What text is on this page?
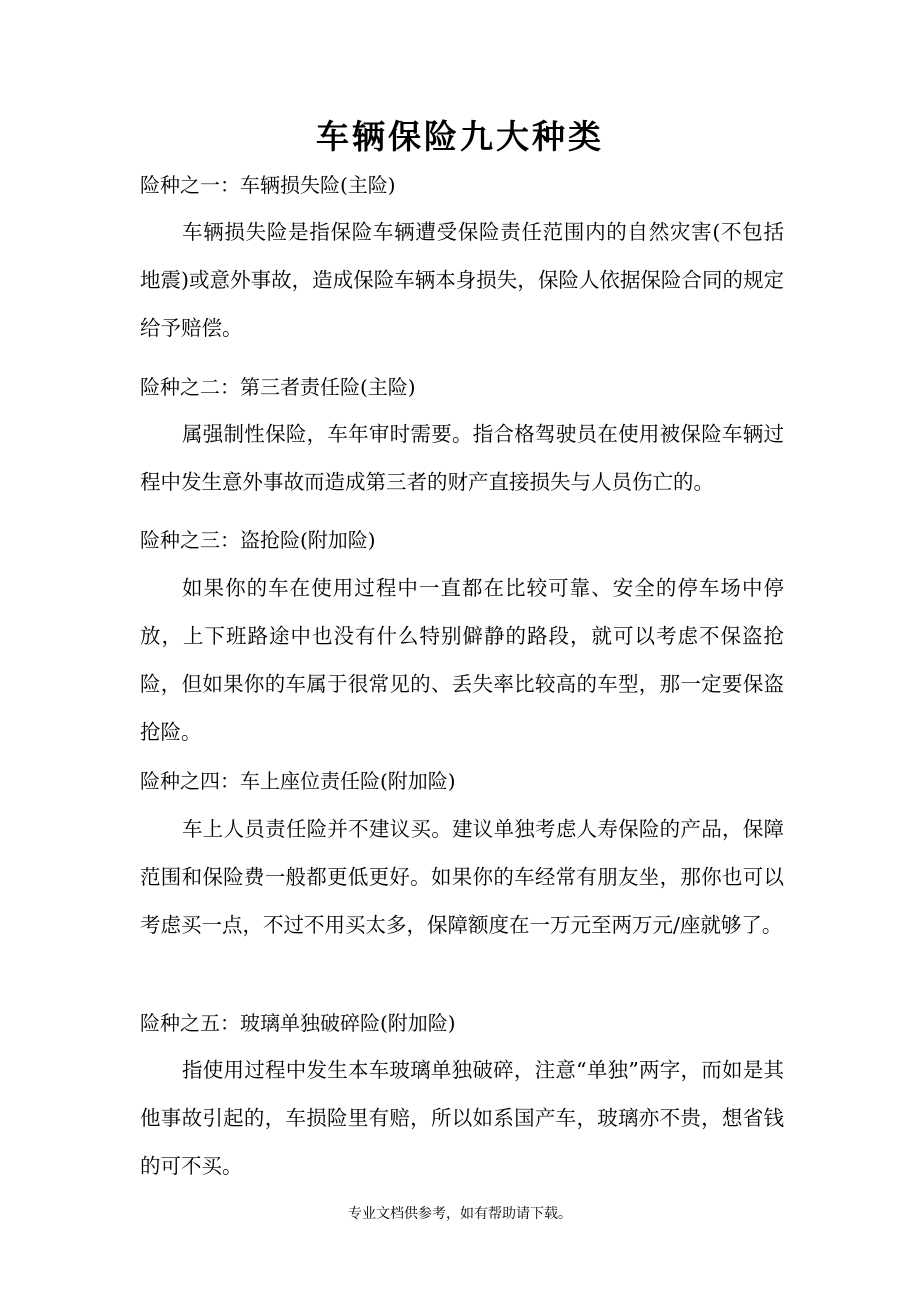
车辆保险九大种类
险种之一：车辆损失险(主险)
车辆损失险是指保险车辆遭受保险责任范围内的自然灾害(不包括地震)或意外事故，造成保险车辆本身损失，保险人依据保险合同的规定给予赔偿。
险种之二：第三者责任险(主险)
属强制性保险，车年审时需要。指合格驾驶员在使用被保险车辆过程中发生意外事故而造成第三者的财产直接损失与人员伤亡的。
险种之三：盗抢险(附加险)
如果你的车在使用过程中一直都在比较可靠、安全的停车场中停放，上下班路途中也没有什么特别僻静的路段，就可以考虑不保盗抢险，但如果你的车属于很常见的、丢失率比较高的车型，那一定要保盗抢险。
险种之四：车上座位责任险(附加险)
车上人员责任险并不建议买。建议单独考虑人寿保险的产品，保障范围和保险费一般都更低更好。如果你的车经常有朋友坐，那你也可以考虑买一点，不过不用买太多，保障额度在一万元至两万元/座就够了。
险种之五：玻璃单独破碎险(附加险)
指使用过程中发生本车玻璃单独破碎，注意“单独”两字，而如是其他事故引起的，车损险里有赔，所以如系国产车，玻璃亦不贵，想省钱的可不买。
专业文档供参考，如有帮助请下载。
